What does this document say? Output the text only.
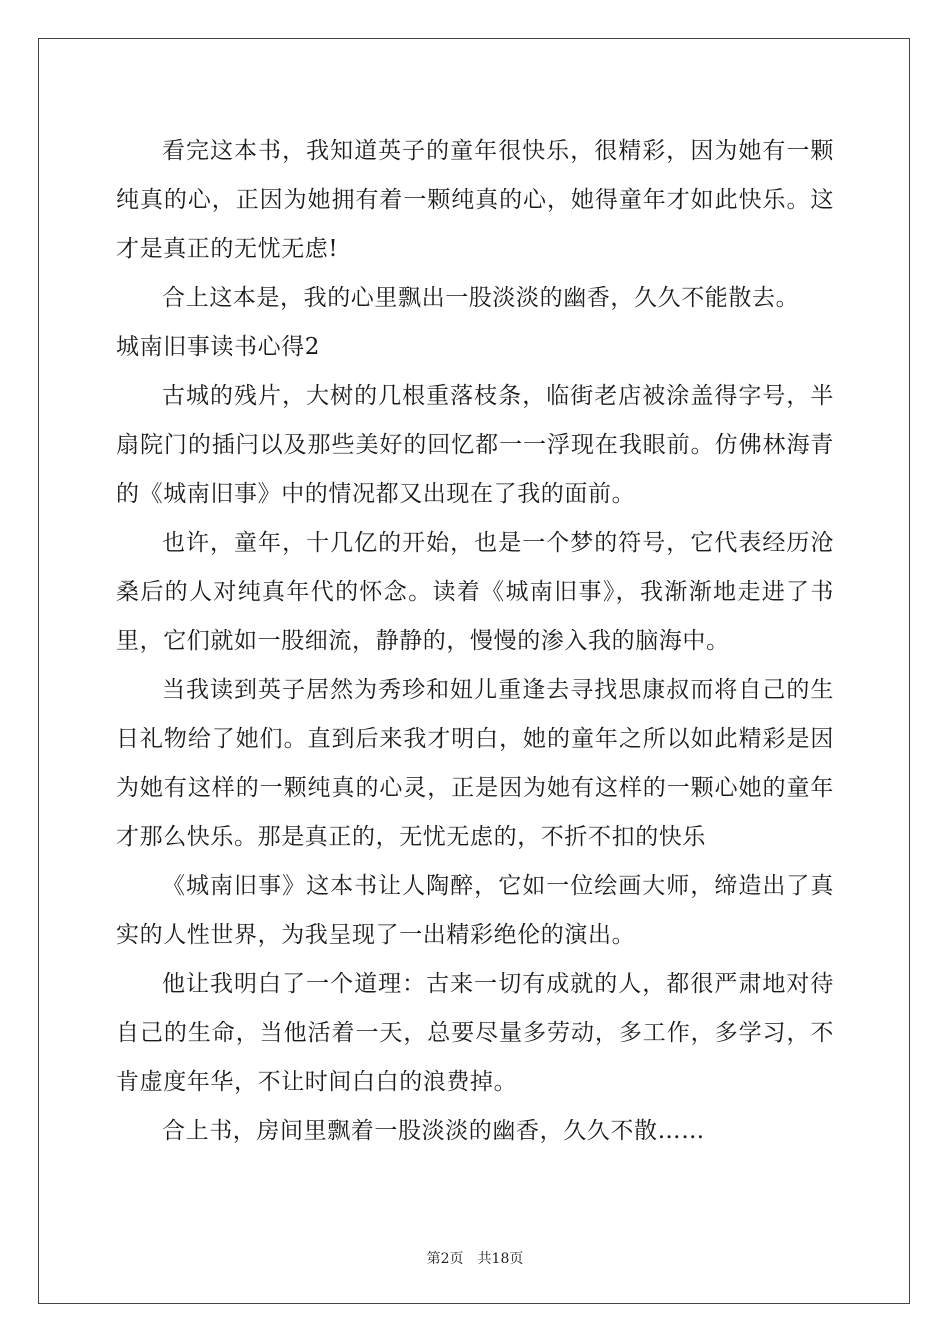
看完这本书，我知道英子的童年很快乐，很精彩，因为她有一颗纯真的心，正因为她拥有着一颗纯真的心，她得童年才如此快乐。这才是真正的无忧无虑!

合上这本是，我的心里飘出一股淡淡的幽香，久久不能散去。

城南旧事读书心得2

古城的残片，大树的几根重落枝条，临街老店被涂盖得字号，半扇院门的插闩以及那些美好的回忆都一一浮现在我眼前。仿佛林海青的《城南旧事》中的情况都又出现在了我的面前。

也许，童年，十几亿的开始，也是一个梦的符号，它代表经历沧桑后的人对纯真年代的怀念。读着《城南旧事》，我渐渐地走进了书里，它们就如一股细流，静静的，慢慢的渗入我的脑海中。

当我读到英子居然为秀珍和妞儿重逢去寻找思康叔而将自己的生日礼物给了她们。直到后来我才明白，她的童年之所以如此精彩是因为她有这样的一颗纯真的心灵，正是因为她有这样的一颗心她的童年才那么快乐。那是真正的，无忧无虑的，不折不扣的快乐

《城南旧事》这本书让人陶醉，它如一位绘画大师，缔造出了真实的人性世界，为我呈现了一出精彩绝伦的演出。

他让我明白了一个道理：古来一切有成就的人，都很严肃地对待自己的生命，当他活着一天，总要尽量多劳动，多工作，多学习，不肯虚度年华，不让时间白白的浪费掉。

合上书，房间里飘着一股淡淡的幽香，久久不散……

第2页 共18页
